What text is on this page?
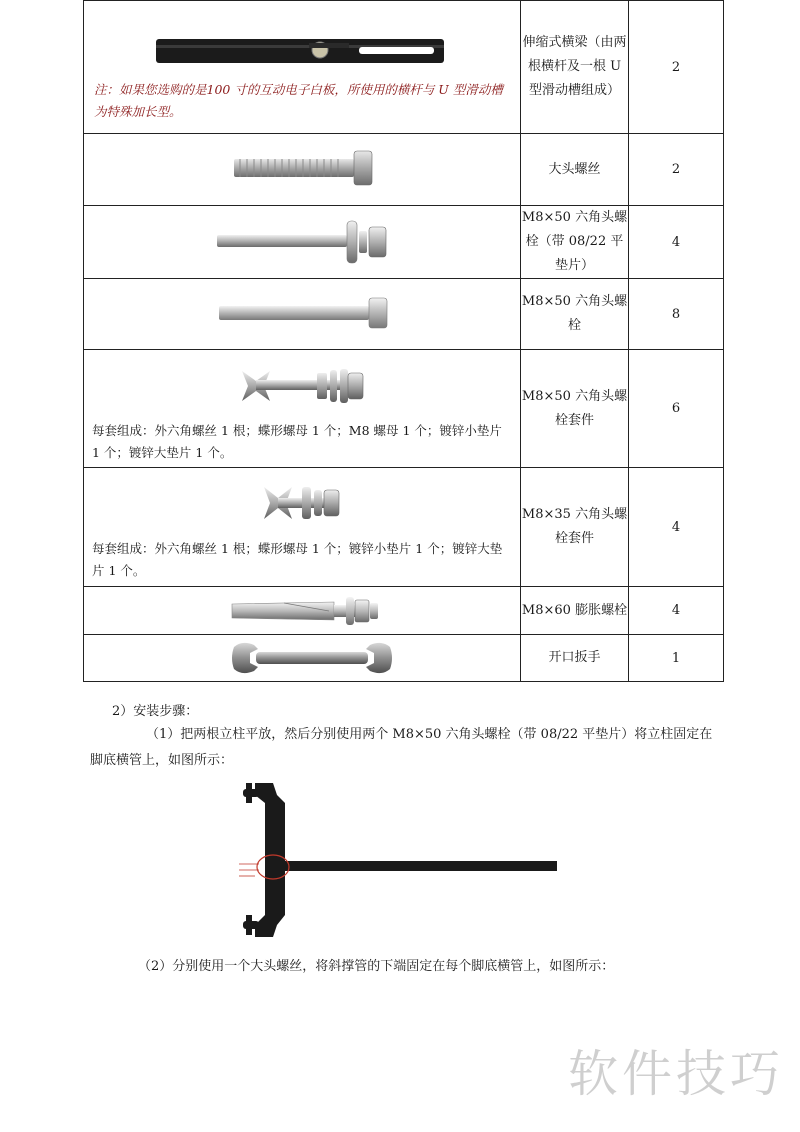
注：如果您选购的是100 寸的互动电子白板，所使用的横杆与 U 型滑动槽为特殊加长型。	伸缩式横梁（由两根横杆及一根 U 型滑动槽组成）	2

	大头螺丝	2

	M8×50 六角头螺栓（带 08/22 平垫片）	4

	M8×50 六角头螺栓	8

每套组成：外六角螺丝 1 根；蝶形螺母 1 个；M8 螺母 1 个；镀锌小垫片 1 个；镀锌大垫片 1 个。	M8×50 六角头螺栓套件	6

每套组成：外六角螺丝 1 根；蝶形螺母 1 个；镀锌小垫片 1 个；镀锌大垫片 1 个。	M8×35 六角头螺栓套件	4

	M8×60 膨胀螺栓	4

	开口扳手	1
2）安装步骤：
（1）把两根立柱平放，然后分别使用两个 M8×50 六角头螺栓（带 08/22 平垫片）将立柱固定在脚底横管上，如图所示：
（2）分别使用一个大头螺丝，将斜撑管的下端固定在每个脚底横管上，如图所示：
软件技巧
